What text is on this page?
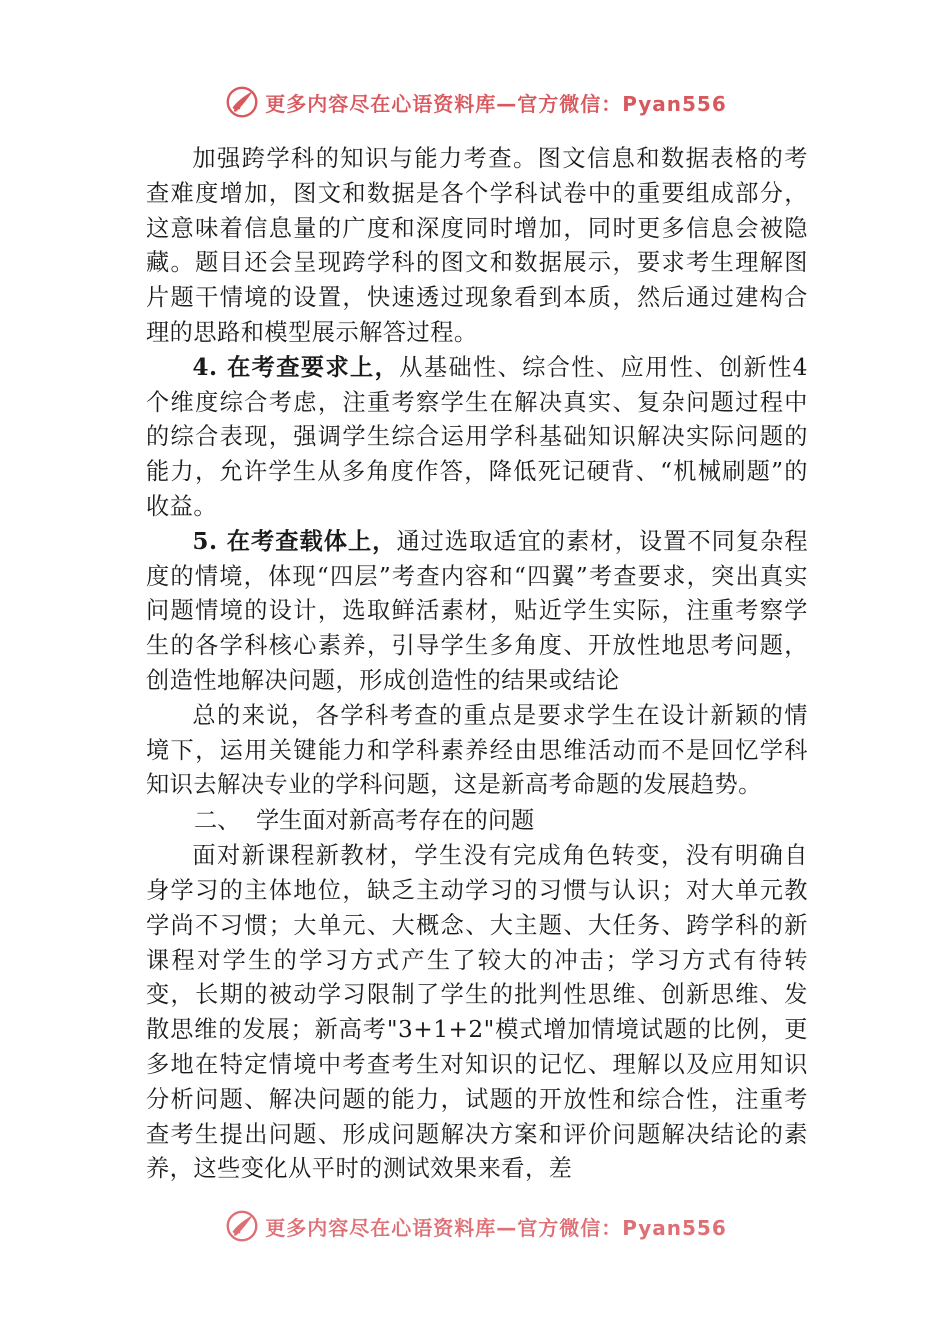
更多内容尽在心语资料库—官方微信：Pyan556

加强跨学科的知识与能力考查。图文信息和数据表格的考查难度增加，图文和数据是各个学科试卷中的重要组成部分，这意味着信息量的广度和深度同时增加，同时更多信息会被隐藏。题目还会呈现跨学科的图文和数据展示，要求考生理解图片题干情境的设置，快速透过现象看到本质，然后通过建构合理的思路和模型展示解答过程。

4. 在考查要求上，从基础性、综合性、应用性、创新性4个维度综合考虑，注重考察学生在解决真实、复杂问题过程中的综合表现，强调学生综合运用学科基础知识解决实际问题的能力，允许学生从多角度作答，降低死记硬背、“机械刷题”的收益。

5. 在考查载体上，通过选取适宜的素材，设置不同复杂程度的情境，体现“四层”考查内容和“四翼”考查要求，突出真实问题情境的设计，选取鲜活素材，贴近学生实际，注重考察学生的各学科核心素养，引导学生多角度、开放性地思考问题，创造性地解决问题，形成创造性的结果或结论

总的来说，各学科考查的重点是要求学生在设计新颖的情境下，运用关键能力和学科素养经由思维活动而不是回忆学科知识去解决专业的学科问题，这是新高考命题的发展趋势。

二、 学生面对新高考存在的问题

面对新课程新教材，学生没有完成角色转变，没有明确自身学习的主体地位，缺乏主动学习的习惯与认识；对大单元教学尚不习惯；大单元、大概念、大主题、大任务、跨学科的新课程对学生的学习方式产生了较大的冲击；学习方式有待转变，长期的被动学习限制了学生的批判性思维、创新思维、发散思维的发展；新高考"3+1+2"模式增加情境试题的比例，更多地在特定情境中考查考生对知识的记忆、理解以及应用知识分析问题、解决问题的能力，试题的开放性和综合性，注重考查考生提出问题、形成问题解决方案和评价问题解决结论的素养，这些变化从平时的测试效果来看，差

更多内容尽在心语资料库—官方微信：Pyan556
